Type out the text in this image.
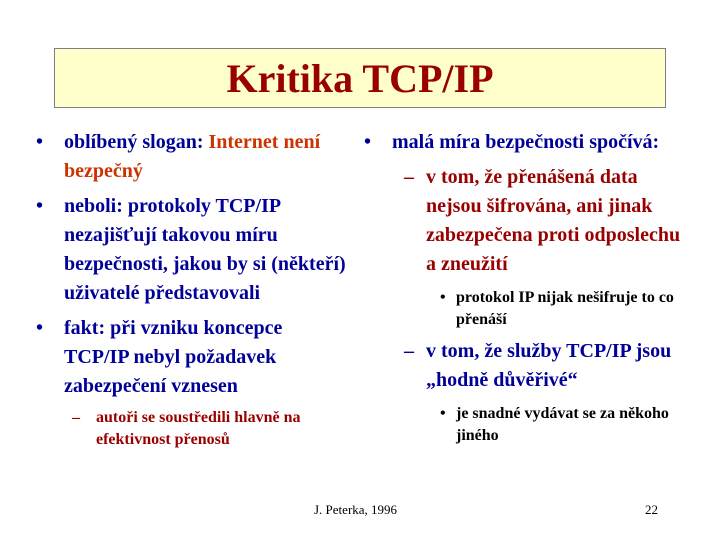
Kritika TCP/IP
• oblíbený slogan: Internet není bezpečný
• neboli: protokoly TCP/IP nezajišťují takovou míru bezpečnosti, jakou by si (někteří) uživatelé představovali
• fakt: při vzniku koncepce TCP/IP nebyl požadavek zabezpečení vznesen
– autoři se soustředili hlavně na efektivnost přenosů
• malá míra bezpečnosti spočívá:
– v tom, že přenášená data nejsou šifrována, ani jinak zabezpečena proti odposlechu a zneužití
• protokol IP nijak nešifruje to co přenáší
– v tom, že služby TCP/IP jsou „hodně důvěřivé“
• je snadné vydávat se za někoho jiného
J. Peterka, 1996	22
